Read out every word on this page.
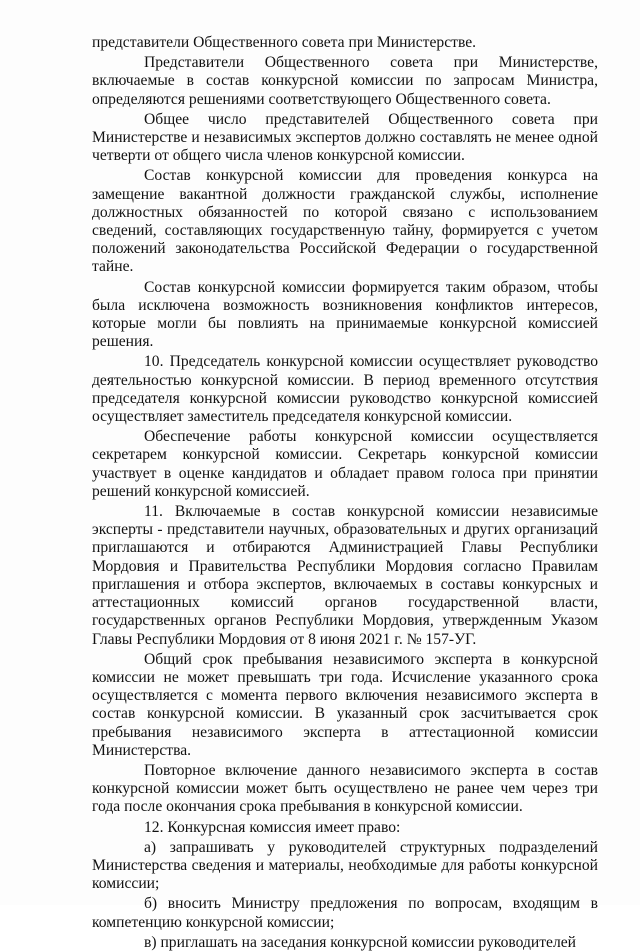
представители Общественного совета при Министерстве.

Представители Общественного совета при Министерстве, включаемые в состав конкурсной комиссии по запросам Министра, определяются решениями соответствующего Общественного совета.

Общее число представителей Общественного совета при Министерстве и независимых экспертов должно составлять не менее одной четверти от общего числа членов конкурсной комиссии.

Состав конкурсной комиссии для проведения конкурса на замещение вакантной должности гражданской службы, исполнение должностных обязанностей по которой связано с использованием сведений, составляющих государственную тайну, формируется с учетом положений законодательства Российской Федерации о государственной тайне.

Состав конкурсной комиссии формируется таким образом, чтобы была исключена возможность возникновения конфликтов интересов, которые могли бы повлиять на принимаемые конкурсной комиссией решения.

10. Председатель конкурсной комиссии осуществляет руководство деятельностью конкурсной комиссии. В период временного отсутствия председателя конкурсной комиссии руководство конкурсной комиссией осуществляет заместитель председателя конкурсной комиссии.

Обеспечение работы конкурсной комиссии осуществляется секретарем конкурсной комиссии. Секретарь конкурсной комиссии участвует в оценке кандидатов и обладает правом голоса при принятии решений конкурсной комиссией.

11. Включаемые в состав конкурсной комиссии независимые эксперты - представители научных, образовательных и других организаций приглашаются и отбираются Администрацией Главы Республики Мордовия и Правительства Республики Мордовия согласно Правилам приглашения и отбора экспертов, включаемых в составы конкурсных и аттестационных комиссий органов государственной власти, государственных органов Республики Мордовия, утвержденным Указом Главы Республики Мордовия от 8 июня 2021 г. № 157-УГ.

Общий срок пребывания независимого эксперта в конкурсной комиссии не может превышать три года. Исчисление указанного срока осуществляется с момента первого включения независимого эксперта в состав конкурсной комиссии. В указанный срок засчитывается срок пребывания независимого эксперта в аттестационной комиссии Министерства.

Повторное включение данного независимого эксперта в состав конкурсной комиссии может быть осуществлено не ранее чем через три года после окончания срока пребывания в конкурсной комиссии.

12. Конкурсная комиссия имеет право:

а) запрашивать у руководителей структурных подразделений Министерства сведения и материалы, необходимые для работы конкурсной комиссии;

б) вносить Министру предложения по вопросам, входящим в компетенцию конкурсной комиссии;

в) приглашать на заседания конкурсной комиссии руководителей
